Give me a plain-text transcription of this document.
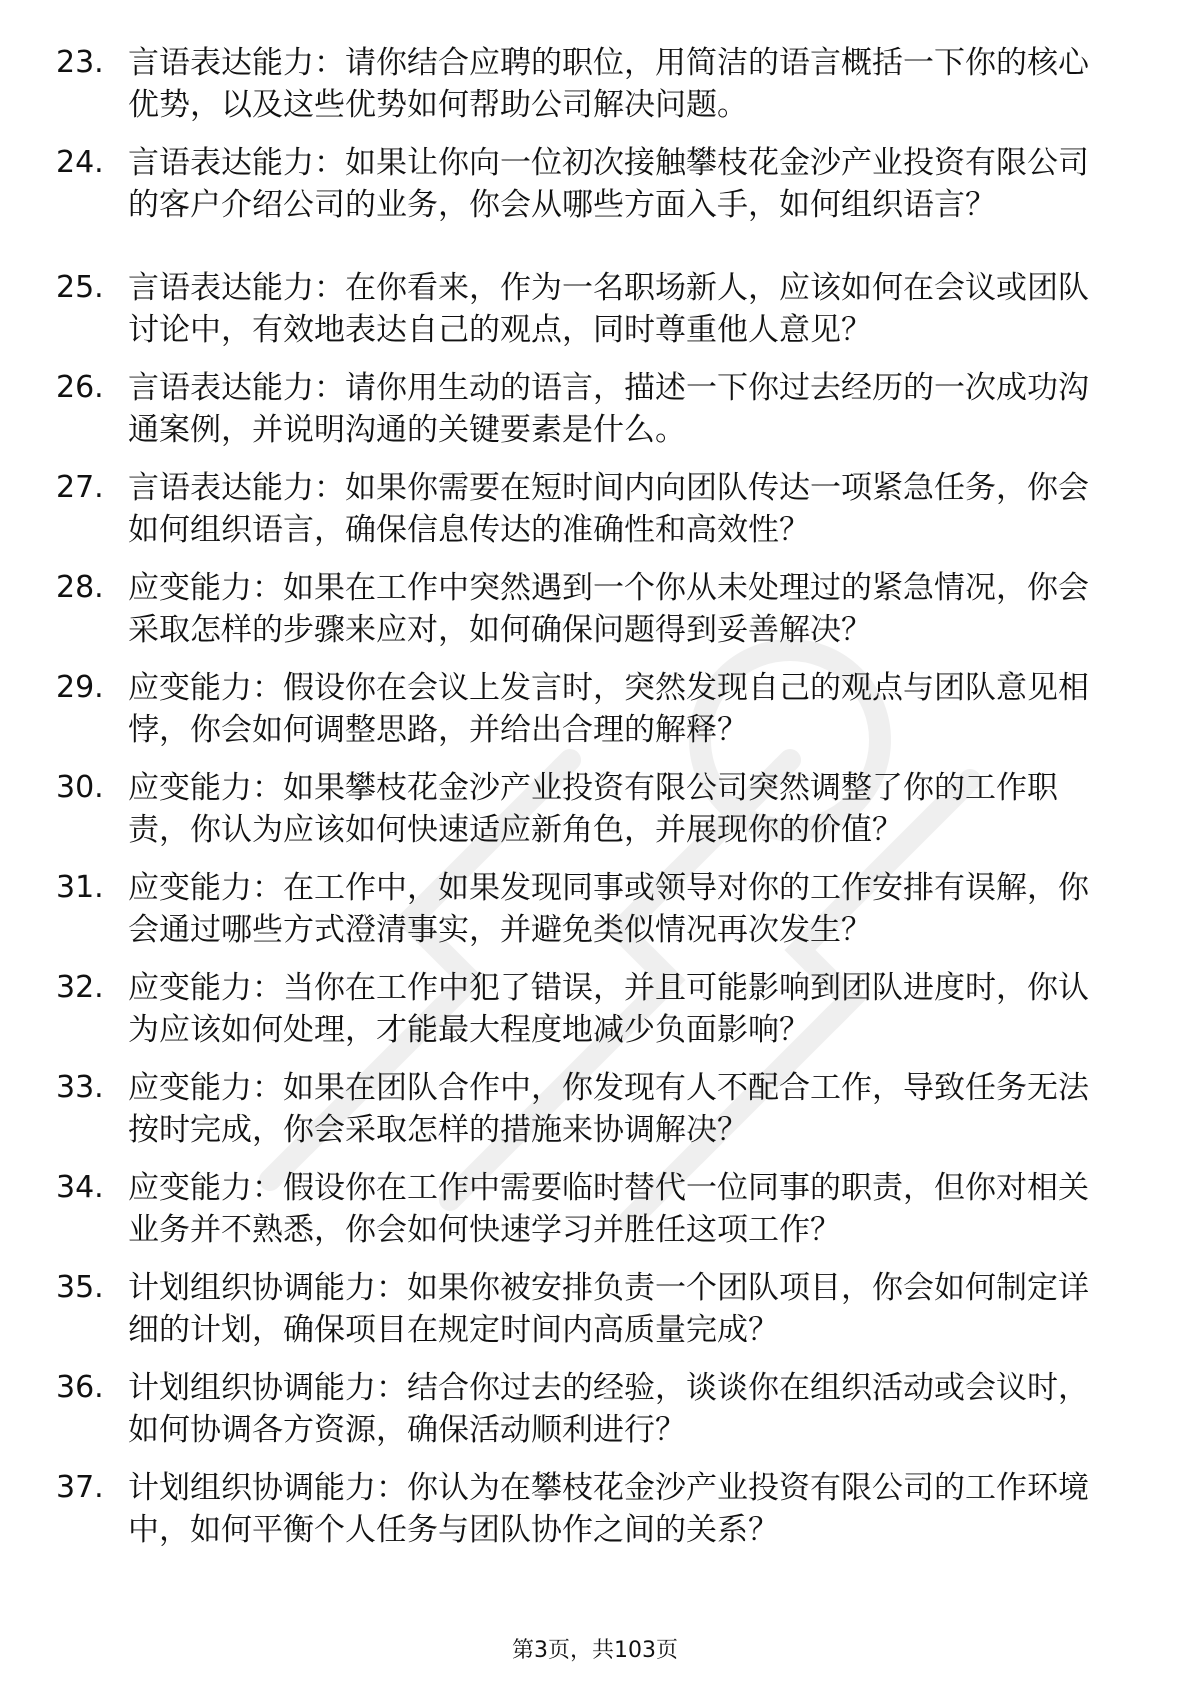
23. 言语表达能力：请你结合应聘的职位，用简洁的语言概括一下你的核心优势，以及这些优势如何帮助公司解决问题。
24. 言语表达能力：如果让你向一位初次接触攀枝花金沙产业投资有限公司的客户介绍公司的业务，你会从哪些方面入手，如何组织语言？
25. 言语表达能力：在你看来，作为一名职场新人，应该如何在会议或团队讨论中，有效地表达自己的观点，同时尊重他人意见？
26. 言语表达能力：请你用生动的语言，描述一下你过去经历的一次成功沟通案例，并说明沟通的关键要素是什么。
27. 言语表达能力：如果你需要在短时间内向团队传达一项紧急任务，你会如何组织语言，确保信息传达的准确性和高效性？
28. 应变能力：如果在工作中突然遇到一个你从未处理过的紧急情况，你会采取怎样的步骤来应对，如何确保问题得到妥善解决？
29. 应变能力：假设你在会议上发言时，突然发现自己的观点与团队意见相悖，你会如何调整思路，并给出合理的解释？
30. 应变能力：如果攀枝花金沙产业投资有限公司突然调整了你的工作职责，你认为应该如何快速适应新角色，并展现你的价值？
31. 应变能力：在工作中，如果发现同事或领导对你的工作安排有误解，你会通过哪些方式澄清事实，并避免类似情况再次发生？
32. 应变能力：当你在工作中犯了错误，并且可能影响到团队进度时，你认为应该如何处理，才能最大程度地减少负面影响？
33. 应变能力：如果在团队合作中，你发现有人不配合工作，导致任务无法按时完成，你会采取怎样的措施来协调解决？
34. 应变能力：假设你在工作中需要临时替代一位同事的职责，但你对相关业务并不熟悉，你会如何快速学习并胜任这项工作？
35. 计划组织协调能力：如果你被安排负责一个团队项目，你会如何制定详细的计划，确保项目在规定时间内高质量完成？
36. 计划组织协调能力：结合你过去的经验，谈谈你在组织活动或会议时，如何协调各方资源，确保活动顺利进行？
37. 计划组织协调能力：你认为在攀枝花金沙产业投资有限公司的工作环境中，如何平衡个人任务与团队协作之间的关系？
第3页，共103页
